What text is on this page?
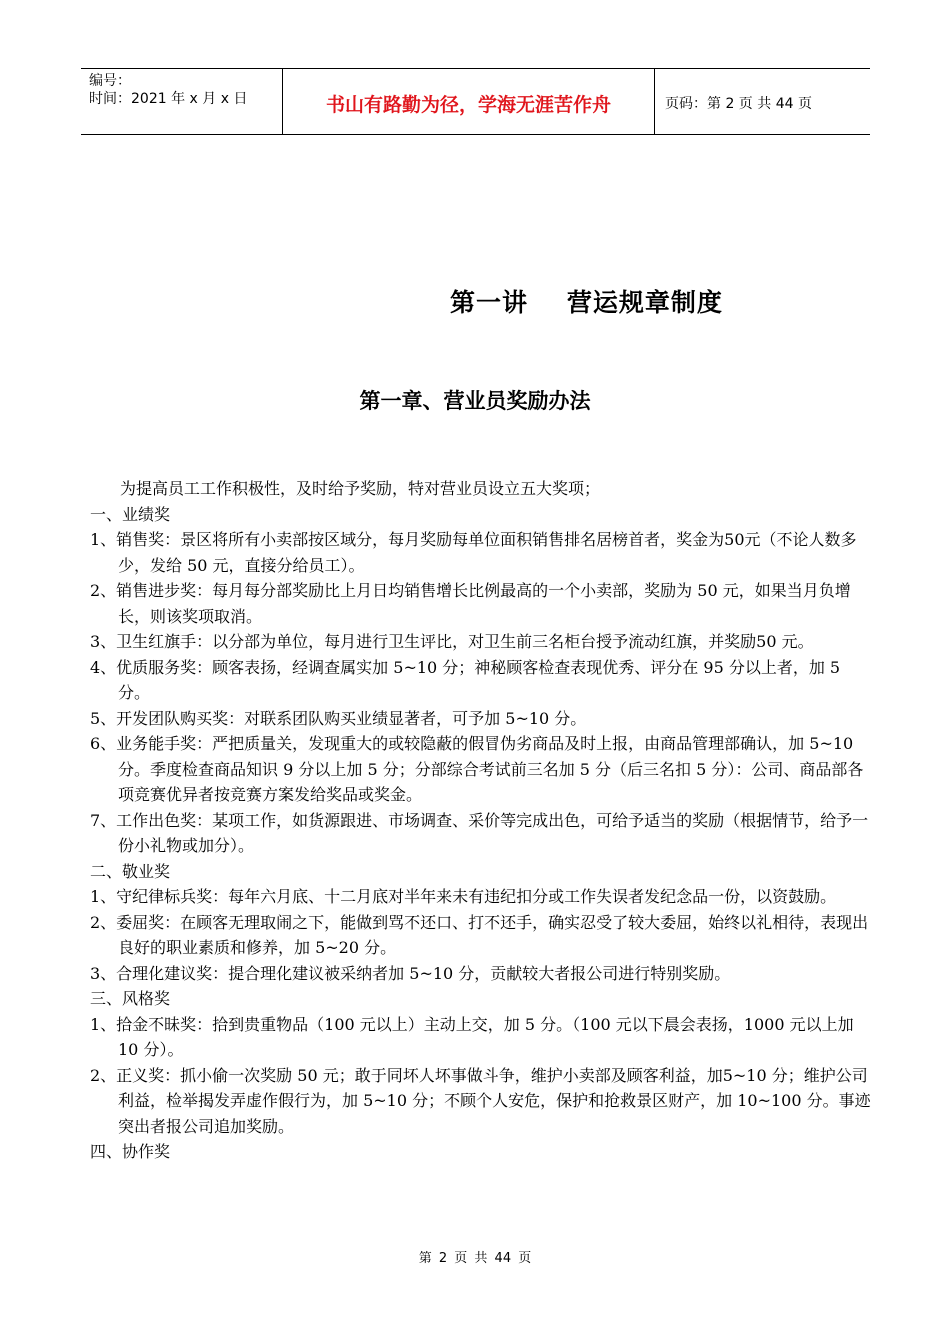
编号：
时间：2021 年 x 月 x 日	书山有路勤为径，学海无涯苦作舟	页码：第 2 页 共 44 页
第一讲    营运规章制度
第一章、营业员奖励办法

为提高员工工作积极性，及时给予奖励，特对营业员设立五大奖项；

一、业绩奖

1、销售奖：景区将所有小卖部按区域分，每月奖励每单位面积销售排名居榜首者，奖金为50元（不论人数多少，发给 50 元，直接分给员工）。

2、销售进步奖：每月每分部奖励比上月日均销售增长比例最高的一个小卖部，奖励为 50 元，如果当月负增长，则该奖项取消。

3、卫生红旗手：以分部为单位，每月进行卫生评比，对卫生前三名柜台授予流动红旗，并奖励50 元。

4、优质服务奖：顾客表扬，经调查属实加 5~10 分；神秘顾客检查表现优秀、评分在 95 分以上者，加 5 分。

5、开发团队购买奖：对联系团队购买业绩显著者，可予加 5~10 分。

6、业务能手奖：严把质量关，发现重大的或较隐蔽的假冒伪劣商品及时上报，由商品管理部确认，加 5~10 分。季度检查商品知识 9 分以上加 5 分；分部综合考试前三名加 5 分（后三名扣 5 分）：公司、商品部各项竞赛优异者按竞赛方案发给奖品或奖金。

7、工作出色奖：某项工作，如货源跟进、市场调查、采价等完成出色，可给予适当的奖励（根据情节，给予一份小礼物或加分）。

二、敬业奖

1、守纪律标兵奖：每年六月底、十二月底对半年来未有违纪扣分或工作失误者发纪念品一份，以资鼓励。

2、委屈奖：在顾客无理取闹之下，能做到骂不还口、打不还手，确实忍受了较大委屈，始终以礼相待，表现出良好的职业素质和修养，加 5~20 分。

3、合理化建议奖：提合理化建议被采纳者加 5~10 分，贡献较大者报公司进行特别奖励。

三、风格奖

1、拾金不昧奖：拾到贵重物品（100 元以上）主动上交，加 5 分。（100 元以下晨会表扬，1000 元以上加 10 分）。

2、正义奖：抓小偷一次奖励 50 元；敢于同坏人坏事做斗争，维护小卖部及顾客利益，加5~10 分；维护公司利益，检举揭发弄虚作假行为，加 5~10 分；不顾个人安危，保护和抢救景区财产，加 10~100 分。事迹突出者报公司追加奖励。

四、协作奖

第 2 页 共 44 页
